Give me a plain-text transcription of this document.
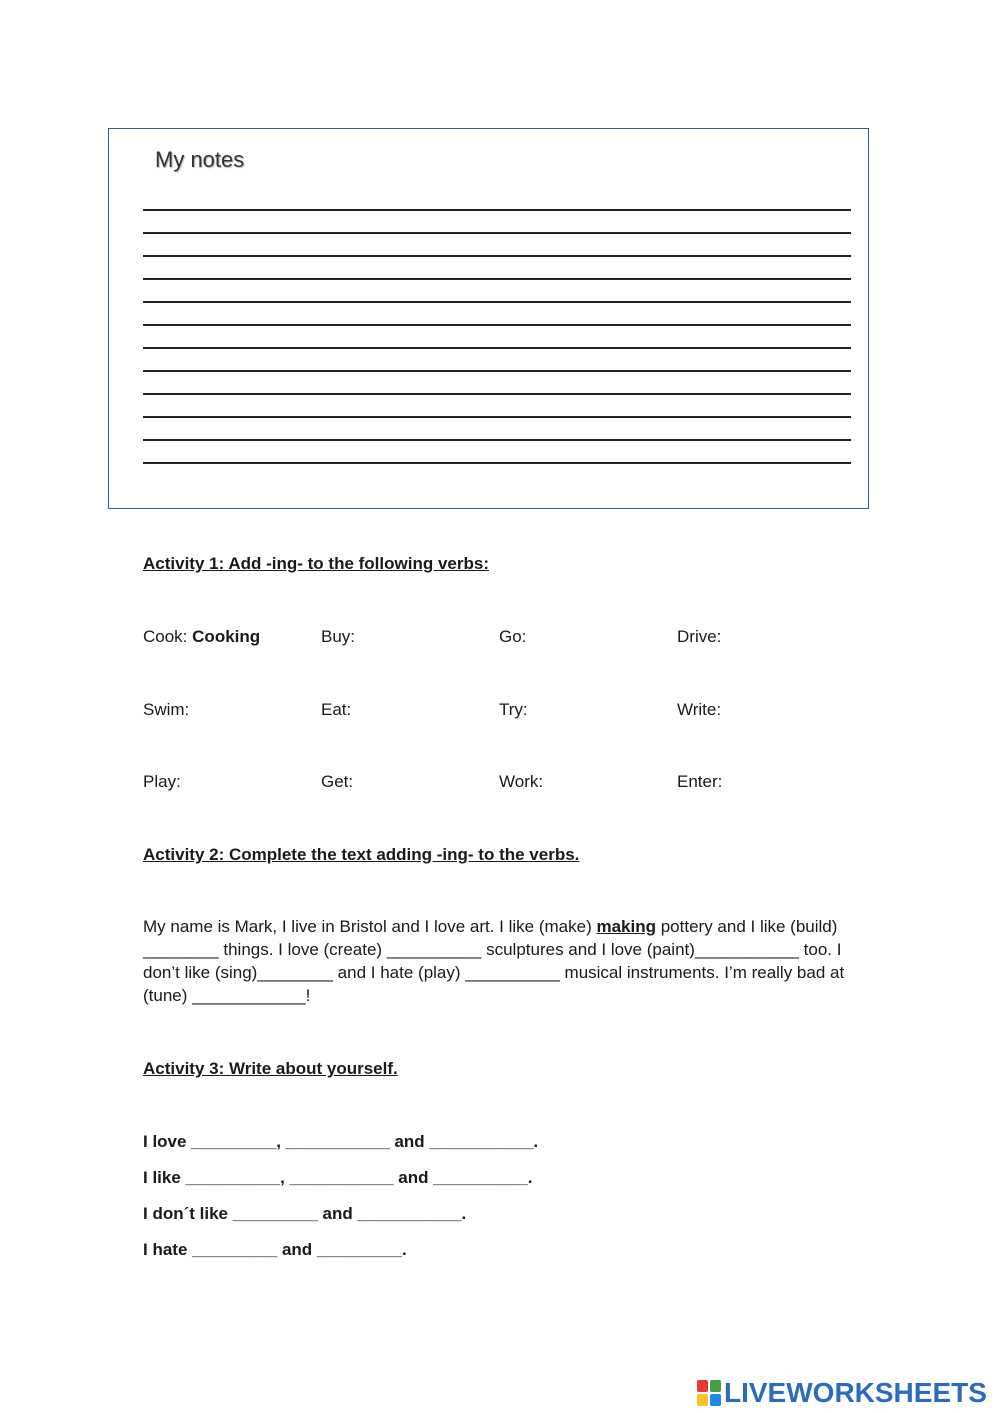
My notes
Activity 1: Add -ing- to the following verbs:
Cook: Cooking	Buy:	Go:	Drive:
Swim:	Eat:	Try:	Write:
Play:	Get:	Work:	Enter:
Activity 2: Complete the text adding -ing- to the verbs.
My name is Mark, I live in Bristol and I love art. I like (make) making pottery and I like (build) ________ things. I love (create) __________ sculptures and I love (paint)___________ too. I don’t like (sing)________ and I hate (play) __________ musical instruments. I’m really bad at (tune) ____________!
Activity 3: Write about yourself.
I love _________, ___________ and ___________.
I like __________, ___________ and __________.
I don´t like _________ and ___________.
I hate _________ and _________.
LIVEWORKSHEETS
